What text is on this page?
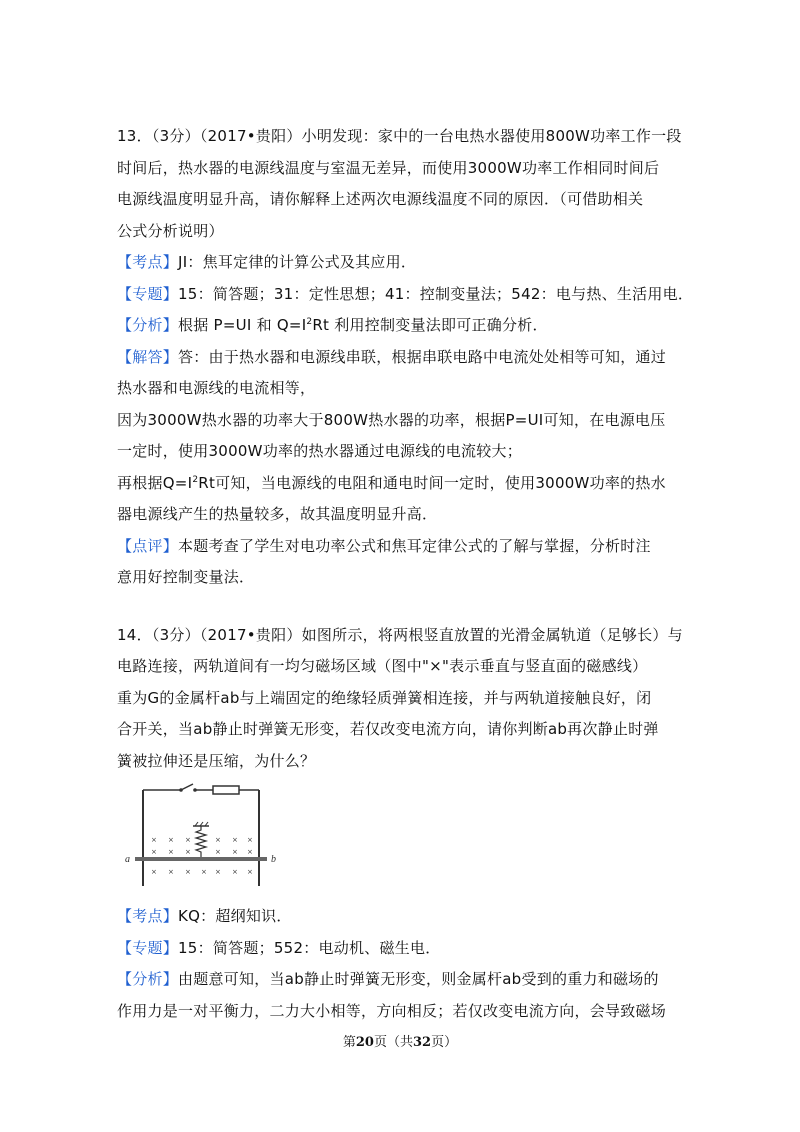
13．（3分）（2017•贵阳）小明发现：家中的一台电热水器使用800W功率工作一段
时间后，热水器的电源线温度与室温无差异，而使用3000W功率工作相同时间后
电源线温度明显升高，请你解释上述两次电源线温度不同的原因．（可借助相关
公式分析说明）
【考点】JI：焦耳定律的计算公式及其应用．
【专题】15：简答题；31：定性思想；41：控制变量法；542：电与热、生活用电．
【分析】根据 P=UI 和 $Q=I^2Rt$ 利用控制变量法即可正确分析．
【解答】答：由于热水器和电源线串联，根据串联电路中电流处处相等可知，通过
热水器和电源线的电流相等，
因为3000W热水器的功率大于800W热水器的功率，根据P=UI可知，在电源电压
一定时，使用3000W功率的热水器通过电源线的电流较大；
再根据$Q=I^2Rt$可知，当电源线的电阻和通电时间一定时，使用3000W功率的热水
器电源线产生的热量较多，故其温度明显升高．
【点评】本题考查了学生对电功率公式和焦耳定律公式的了解与掌握，分析时注
意用好控制变量法．
14．（3分）（2017•贵阳）如图所示，将两根竖直放置的光滑金属轨道（足够长）与
电路连接，两轨道间有一均匀磁场区域（图中"×"表示垂直与竖直面的磁感线）
重为G的金属杆ab与上端固定的绝缘轻质弹簧相连接，并与两轨道接触良好，闭
合开关，当ab静止时弹簧无形变，若仅改变电流方向，请你判断ab再次静止时弹
簧被拉伸还是压缩，为什么？
a	b
× × ×	× × ×
× × ×	× × ×
× × × × × × ×
【考点】KQ：超纲知识．
【专题】15：简答题；552：电动机、磁生电．
【分析】由题意可知，当ab静止时弹簧无形变，则金属杆ab受到的重力和磁场的
作用力是一对平衡力，二力大小相等，方向相反；若仅改变电流方向，会导致磁场
第20页（共32页）
